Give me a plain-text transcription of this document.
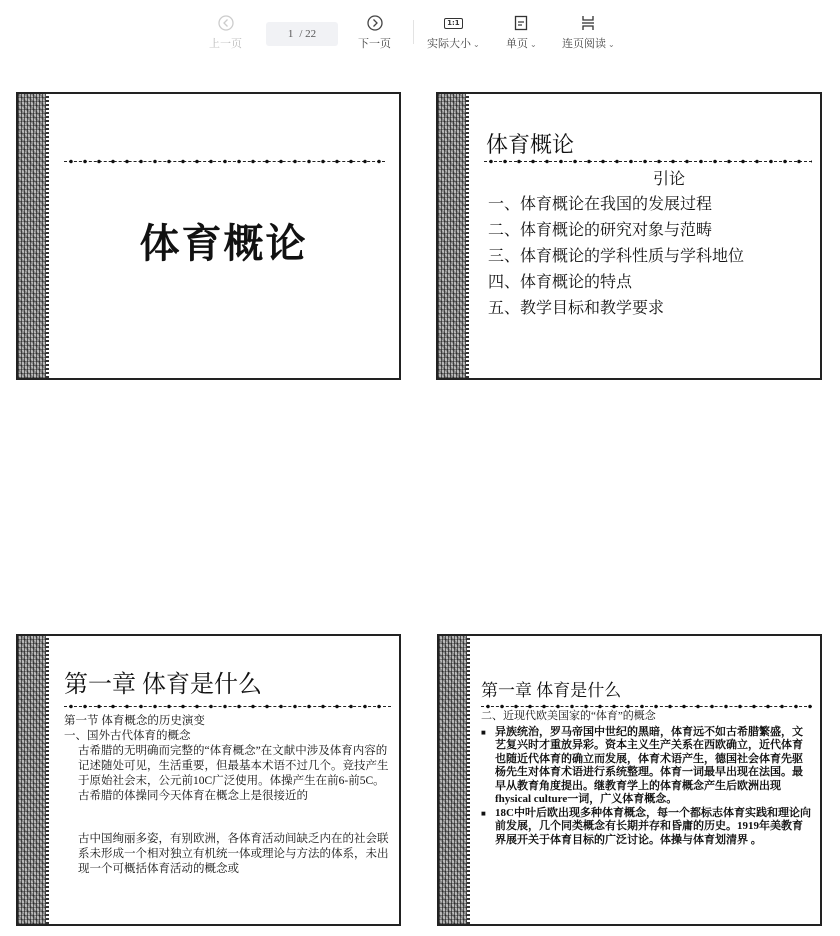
上一页
1 / 22
下一页
1:1
实际大小 ⌄ 单页 ⌄ 连页阅读 ⌄
体育概论
体育概论
引论
一、体育概论在我国的发展过程
二、体育概论的研究对象与范畴
三、体育概论的学科性质与学科地位
四、体育概论的特点
五、教学目标和教学要求
第一章 体育是什么
第一节 体育概念的历史演变
一、国外古代体育的概念
古希腊的无明确而完整的“体育概念”在文献中涉及体育内容的记述随处可见，生活重要，但最基本术语不过几个。竞技产生于原始社会末，公元前10C广泛使用。体操产生在前6-前5C。古希腊的体操同今天体育在概念上是很接近的
古中国绚丽多姿，有别欧洲，各体育活动间缺乏内在的社会联系未形成一个相对独立有机统一体或理论与方法的体系，未出现一个可概括体育活动的概念或
第一章 体育是什么
二、近现代欧美国家的“体育”的概念
■ 异族统治，罗马帝国中世纪的黑暗，体育远不如古希腊繁盛，文艺复兴时才重放异彩。资本主义生产关系在西欧确立，近代体育也随近代体育的确立而发展，体育术语产生，德国社会体育先驱杨先生对体育术语进行系统整理。体育一词最早出现在法国。最早从教育角度提出。继教育学上的体育概念产生后欧洲出现fhysical culture一词，广义体育概念。
■ 18C中叶后欧出现多种体育概念，每一个都标志体育实践和理论向前发展，几个同类概念有长期并存和昏庸的历史。1919年美教育界展开关于体育目标的广泛讨论。体操与体育划清界 。
